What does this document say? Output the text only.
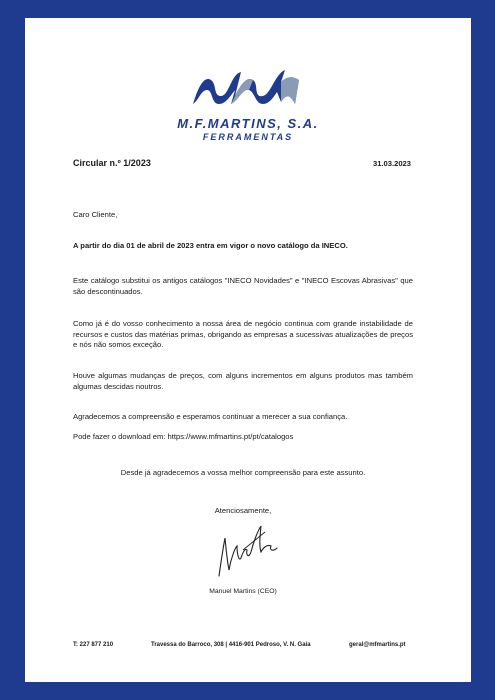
M.F.MARTINS, S.A.
FERRAMENTAS
Circular n.º 1/2023	31.03.2023
Caro Cliente,
A partir do dia 01 de abril de 2023 entra em vigor o novo catálogo da INECO.
Este catálogo substitui os antigos catálogos "INECO Novidades" e "INECO Escovas Abrasivas" que são descontinuados.
Como já é do vosso conhecimento a nossa área de negócio continua com grande instabilidade de recursos e custos das matérias primas, obrigando as empresas a sucessivas atualizações de preços e nós não somos exceção.
Houve algumas mudanças de preços, com alguns incrementos em alguns produtos mas também algumas descidas noutros.
Agradecemos a compreensão e esperamos continuar a merecer a sua confiança.
Pode fazer o download em: https://www.mfmartins.pt/pt/catalogos
Desde já agradecemos a vossa melhor compreensão para este assunto.
Atenciosamente,
Manuel Martins (CEO)
T: 227 877 210	Travessa do Barroco, 308 | 4416-901 Pedroso, V. N. Gaia	geral@mfmartins.pt
